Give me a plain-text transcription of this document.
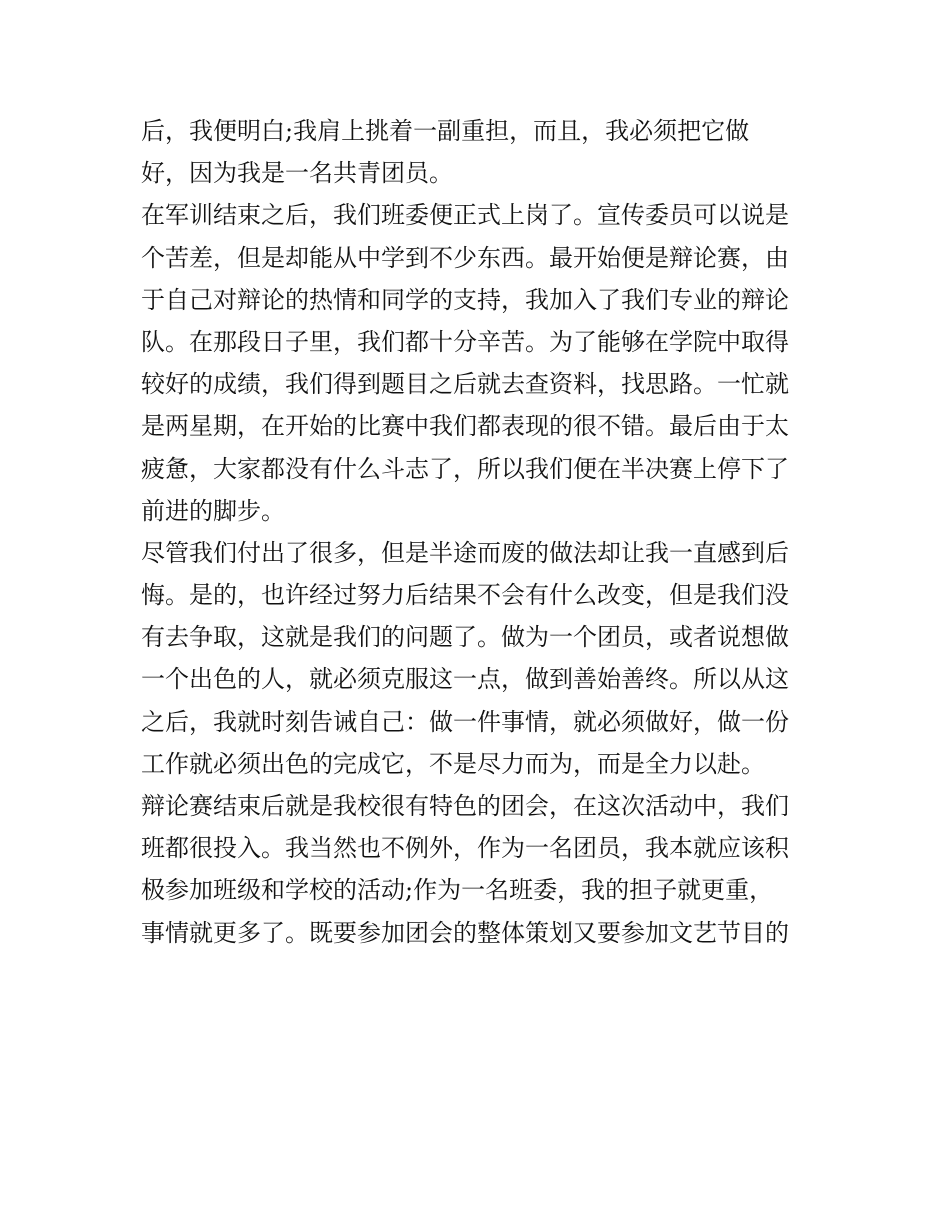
后，我便明白;我肩上挑着一副重担，而且，我必须把它做
好，因为我是一名共青团员。
在军训结束之后，我们班委便正式上岗了。宣传委员可以说是
个苦差，但是却能从中学到不少东西。最开始便是辩论赛，由
于自己对辩论的热情和同学的支持，我加入了我们专业的辩论
队。在那段日子里，我们都十分辛苦。为了能够在学院中取得
较好的成绩，我们得到题目之后就去查资料，找思路。一忙就
是两星期，在开始的比赛中我们都表现的很不错。最后由于太
疲惫，大家都没有什么斗志了，所以我们便在半决赛上停下了
前进的脚步。
尽管我们付出了很多，但是半途而废的做法却让我一直感到后
悔。是的，也许经过努力后结果不会有什么改变，但是我们没
有去争取，这就是我们的问题了。做为一个团员，或者说想做
一个出色的人，就必须克服这一点，做到善始善终。所以从这
之后，我就时刻告诫自己：做一件事情，就必须做好，做一份
工作就必须出色的完成它，不是尽力而为，而是全力以赴。
辩论赛结束后就是我校很有特色的团会，在这次活动中，我们
班都很投入。我当然也不例外，作为一名团员，我本就应该积
极参加班级和学校的活动;作为一名班委，我的担子就更重，
事情就更多了。既要参加团会的整体策划又要参加文艺节目的
